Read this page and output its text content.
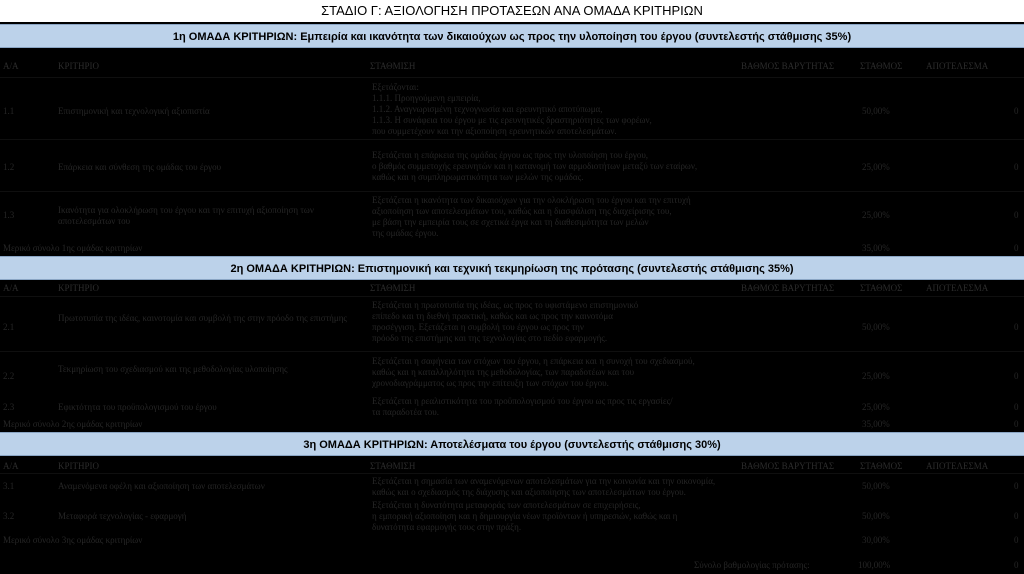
ΣΤΑΔΙΟ Γ: ΑΞΙΟΛΟΓΗΣΗ ΠΡΟΤΑΣΕΩΝ ΑΝΑ ΟΜΑΔΑ ΚΡΙΤΗΡΙΩΝ
1η ΟΜΑΔΑ ΚΡΙΤΗΡΙΩΝ: Εμπειρία και ικανότητα των δικαιούχων ως προς την υλοποίηση του έργου (συντελεστής στάθμισης 35%)
Α/Α	ΚΡΙΤΗΡΙΟ	ΣΤΑΘΜΙΣΗ	ΒΑΘΜΟΣ ΒΑΡΥΤΗΤΑΣ	ΣΤΑΘΜΟΣ	ΑΠΟΤΕΛΕΣΜΑ
1.1	Επιστημονική και τεχνολογική αξιοπιστία
Εξετάζονται:
1.1.1. Προηγούμενη εμπειρία,
1.1.2. Αναγνωρισμένη τεχνογνωσία και ερευνητικό αποτύπωμα,
1.1.3. Η συνάφεια του έργου με τις ερευνητικές δραστηριότητες των φορέων,
που συμμετέχουν και την αξιοποίηση ερευνητικών αποτελεσμάτων.
50,00%	0
1.2	Επάρκεια και σύνθεση της ομάδας του έργου
Εξετάζεται η επάρκεια της ομάδας έργου ως προς την υλοποίηση του έργου,
ο βαθμός συμμετοχής ερευνητών και η κατανομή των αρμοδιοτήτων μεταξύ των εταίρων,
καθώς και η συμπληρωματικότητα των μελών της ομάδας.
25,00%	0
1.3	Ικανότητα για ολοκλήρωση του έργου και την επιτυχή αξιοποίηση των αποτελεσμάτων του
Εξετάζεται η ικανότητα των δικαιούχων για την ολοκλήρωση του έργου και την επιτυχή
αξιοποίηση των αποτελεσμάτων του, καθώς και η διασφάλιση της διαχείρισης του,
με βάση την εμπειρία τους σε σχετικά έργα και τη διαθεσιμότητα των μελών
της ομάδας έργου.
25,00%	0
Μερικό σύνολο 1ης ομάδας κριτηρίων	35,00%	0
2η ΟΜΑΔΑ ΚΡΙΤΗΡΙΩΝ: Επιστημονική και τεχνική τεκμηρίωση της πρότασης (συντελεστής στάθμισης 35%)
Α/Α	ΚΡΙΤΗΡΙΟ	ΣΤΑΘΜΙΣΗ	ΒΑΘΜΟΣ ΒΑΡΥΤΗΤΑΣ	ΣΤΑΘΜΟΣ	ΑΠΟΤΕΛΕΣΜΑ
2.1
Πρωτοτυπία της ιδέας, καινοτομία και συμβολή της στην πρόοδο της επιστήμης
Εξετάζεται η πρωτοτυπία της ιδέας, ως προς το υφιστάμενο επιστημονικό
επίπεδο και τη διεθνή πρακτική, καθώς και ως προς την καινοτόμα
προσέγγιση. Εξετάζεται η συμβολή του έργου ως προς την
πρόοδο της επιστήμης και της τεχνολογίας στο πεδίο εφαρμογής.
50,00%	0
2.2
Τεκμηρίωση του σχεδιασμού και της μεθοδολογίας υλοποίησης
Εξετάζεται η σαφήνεια των στόχων του έργου, η επάρκεια και η συνοχή του σχεδιασμού,
καθώς και η καταλληλότητα της μεθοδολογίας, των παραδοτέων και του
χρονοδιαγράμματος ως προς την επίτευξη των στόχων του έργου.
25,00%	0
2.3	Εφικτότητα του προϋπολογισμού του έργου
Εξετάζεται η ρεαλιστικότητα του προϋπολογισμού του έργου ως προς τις εργασίες/
τα παραδοτέα του.	25,00%	0
Μερικό σύνολο 2ης ομάδας κριτηρίων	35,00%	0
3η ΟΜΑΔΑ ΚΡΙΤΗΡΙΩΝ: Αποτελέσματα του έργου (συντελεστής στάθμισης 30%)
Α/Α	ΚΡΙΤΗΡΙΟ	ΣΤΑΘΜΙΣΗ	ΒΑΘΜΟΣ ΒΑΡΥΤΗΤΑΣ	ΣΤΑΘΜΟΣ	ΑΠΟΤΕΛΕΣΜΑ
3.1	Αναμενόμενα οφέλη και αξιοποίηση των αποτελεσμάτων	Εξετάζεται η σημασία των αναμενόμενων αποτελεσμάτων για την κοινωνία και την οικονομία,
καθώς και ο σχεδιασμός της διάχυσης και αξιοποίησης των αποτελεσμάτων του έργου.
50,00%	0
3.2	Μεταφορά τεχνολογίας - εφαρμογή
Εξετάζεται η δυνατότητα μεταφοράς των αποτελεσμάτων σε επιχειρήσεις,
η εμπορική αξιοποίηση και η δημιουργία νέων προϊόντων ή υπηρεσιών, καθώς και η
δυνατότητα εφαρμογής τους στην πράξη.
50,00%	0
Μερικό σύνολο 3ης ομάδας κριτηρίων	30,00%	0
Σύνολο βαθμολογίας πρότασης:	100,00%	0
